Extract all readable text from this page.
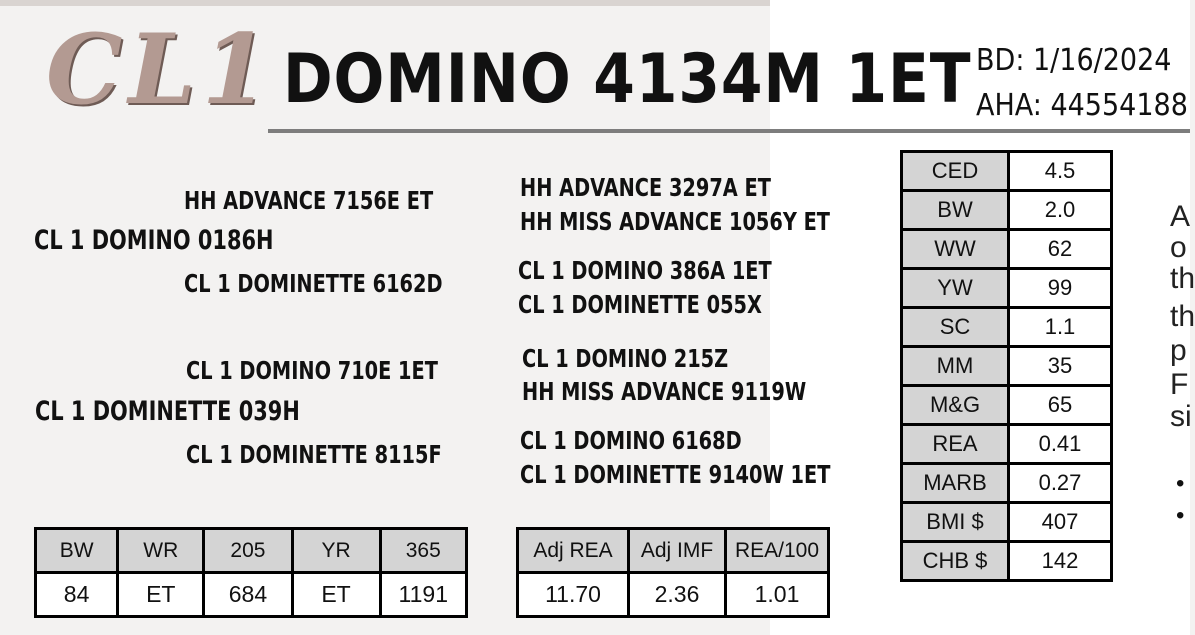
CL1 DOMINO 4134M 1ET BD: 1/16/2024
AHA: 44554188
HH ADVANCE 7156E ET
CL 1 DOMINO 0186H
CL 1 DOMINETTE 6162D
CL 1 DOMINO 710E 1ET
CL 1 DOMINETTE 039H
CL 1 DOMINETTE 8115F
HH ADVANCE 3297A ET
HH MISS ADVANCE 1056Y ET
CL 1 DOMINO 386A 1ET
CL 1 DOMINETTE 055X
CL 1 DOMINO 215Z
HH MISS ADVANCE 9119W
CL 1 DOMINO 6168D
CL 1 DOMINETTE 9140W 1ET
BW	WR	205	YR	365
84	ET	684	ET	1191
Adj REA	Adj IMF	REA/100
11.70	2.36	1.01
CED	4.5
BW	2.0
WW	62
YW	99
SC	1.1
MM	35
M&G	65
REA	0.41
MARB	0.27
BMI $	407
CHB $	142
A
o
th
th
p
F
si
•
•
